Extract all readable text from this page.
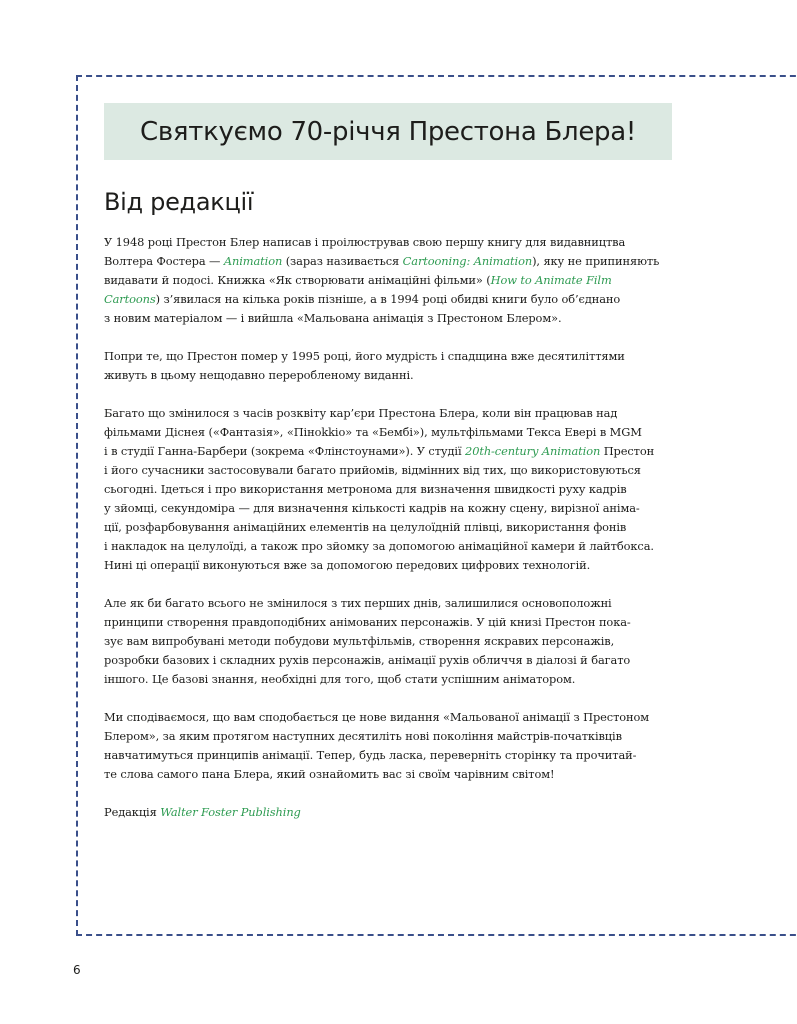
Святкуємо 70-річчя Престона Блера!
Від редакції

У 1948 році Престон Блер написав і проілюстрував свою першу книгу для видавництва
Волтера Фостера — Animation (зараз називається Cartooning: Animation), яку не припиняють
видавати й подосі. Книжка «Як створювати анімаційні фільми» (How to Animate Film
Cartoons) з’явилася на кілька років пізніше, а в 1994 році обидві книги було об’єднано
з новим матеріалом — і вийшла «Мальована анімація з Престоном Блером».

Попри те, що Престон помер у 1995 році, його мудрість і спадщина вже десятиліттями
живуть в цьому нещодавно переробленому виданні.

Багато що змінилося з часів розквіту кар’єри Престона Блера, коли він працював над
фільмами Діснея («Фантазія», «Пінokkіо» та «Бембі»), мультфільмами Текса Евері в MGM
і в студії Ганна-Барбери (зокрема «Флінстоунами»). У студії 20th-century Animation Престон
і його сучасники застосовували багато прийомів, відмінних від тих, що використовуються
сьогодні. Ідеться і про використання метронома для визначення швидкості руху кадрів
у зйомці, секундоміра — для визначення кількості кадрів на кожну сцену, вирізної аніма-
ції, розфарбовування анімаційних елементів на целулоїдній плівці, використання фонів
і накладок на целулоїді, а також про зйомку за допомогою анімаційної камери й лайтбокса.
Нині ці операції виконуються вже за допомогою передових цифрових технологій.

Але як би багато всього не змінилося з тих перших днів, залишилися основоположні
принципи створення правдоподібних анімованих персонажів. У цій книзі Престон пока-
зує вам випробувані методи побудови мультфільмів, створення яскравих персонажів,
розробки базових і складних рухів персонажів, анімації рухів обличчя в діалозі й багато
іншого. Це базові знання, необхідні для того, щоб стати успішним аніматором.

Ми сподіваємося, що вам сподобається це нове видання «Мальованої анімації з Престоном
Блером», за яким протягом наступних десятиліть нові покоління майстрів-початківців
навчатимуться принципів анімації. Тепер, будь ласка, переверніть сторінку та прочитай-
те слова самого пана Блера, який ознайомить вас зі своїм чарівним світом!

Редакція Walter Foster Publishing

6
